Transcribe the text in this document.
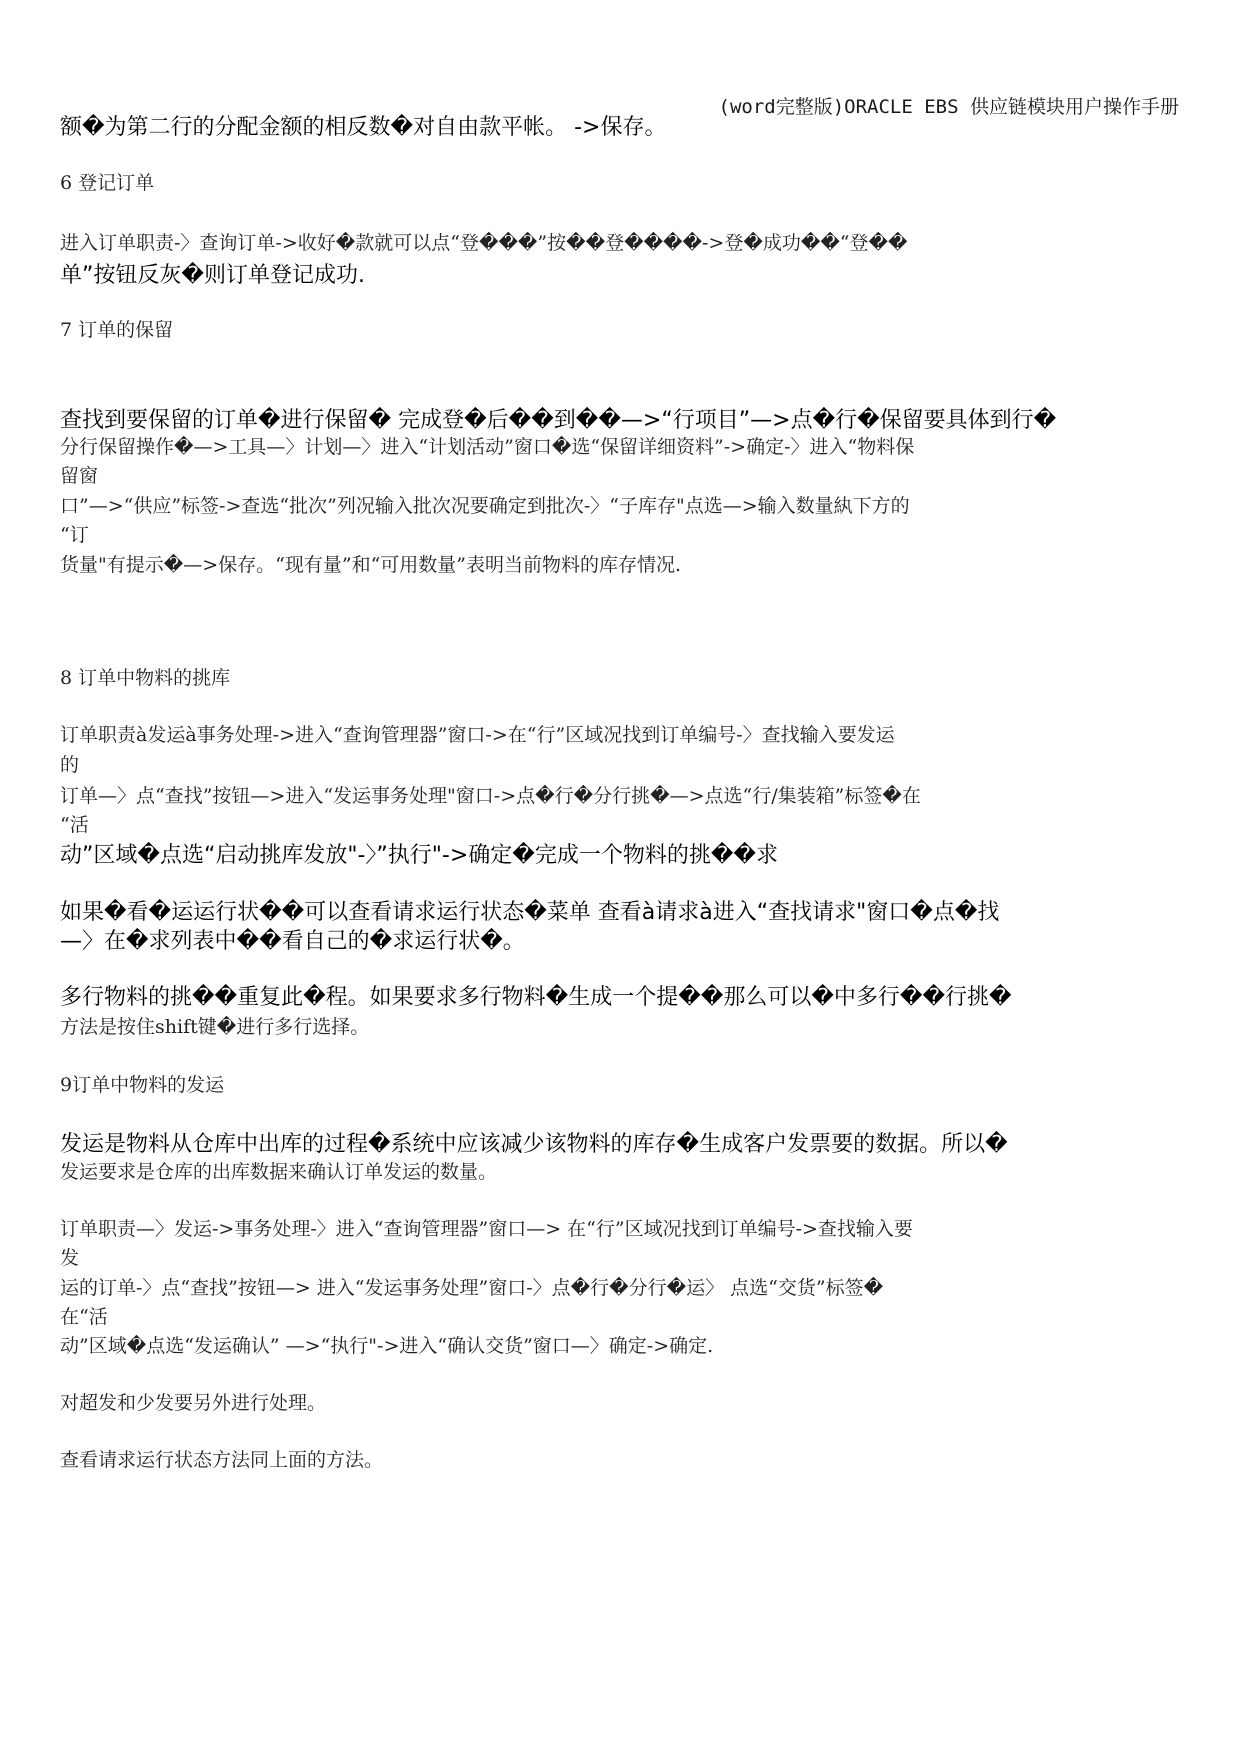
(word完整版)ORACLE EBS 供应链模块用户操作手册
额�为第二行的分配金额的相反数�对自由款平帐。 ->保存。
6 登记订单
进入订单职责-〉查询订单->收好�款就可以点“登���”按��登����->登�成功��“登��
单”按钮反灰�则订单登记成功.
7 订单的保留
查找到要保留的订单�进行保留� 完成登�后��到��—>“行项目”—>点�行�保留要具体到行�
分行保留操作�—>工具—〉计划—〉进入“计划活动”窗口�选“保留详细资料”->确定-〉进入“物料保
留窗
口”—>“供应”标签->查选“批次”列况输入批次况要确定到批次-〉“子库存"点选—>输入数量紈下方的
“订
货量"有提示�—>保存。“现有量”和“可用数量”表明当前物料的库存情况.
8 订单中物料的挑库
订单职责à发运à事务处理->进入“查询管理器”窗口->在“行”区域况找到订单编号-〉查找输入要发运
的
订单—〉点“查找”按钮—>进入“发运事务处理"窗口->点�行�分行挑�—>点选“行/集装箱”标签�在
“活
动”区域�点选“启动挑库发放"-〉”执行"->确定�完成一个物料的挑��求
如果�看�运运行状��可以查看请求运行状态�菜单 查看à请求à进入“查找请求"窗口�点�找
—〉在�求列表中��看自己的�求运行状�。
多行物料的挑��重复此�程。如果要求多行物料�生成一个提��那么可以�中多行��行挑�
方法是按住shift键�进行多行选择。
9订单中物料的发运
发运是物料从仓库中出库的过程�系统中应该减少该物料的库存�生成客户发票要的数据。所以�
发运要求是仓库的出库数据来确认订单发运的数量。
订单职责—〉发运->事务处理-〉进入“查询管理器”窗口—> 在“行”区域况找到订单编号->查找输入要
发
运的订单-〉点“查找”按钮—> 进入“发运事务处理”窗口-〉点�行�分行�运〉 点选“交货”标签�
在“活
动”区域�点选“发运确认” —>“执行"->进入“确认交货”窗口—〉确定->确定.
对超发和少发要另外进行处理。
查看请求运行状态方法同上面的方法。
